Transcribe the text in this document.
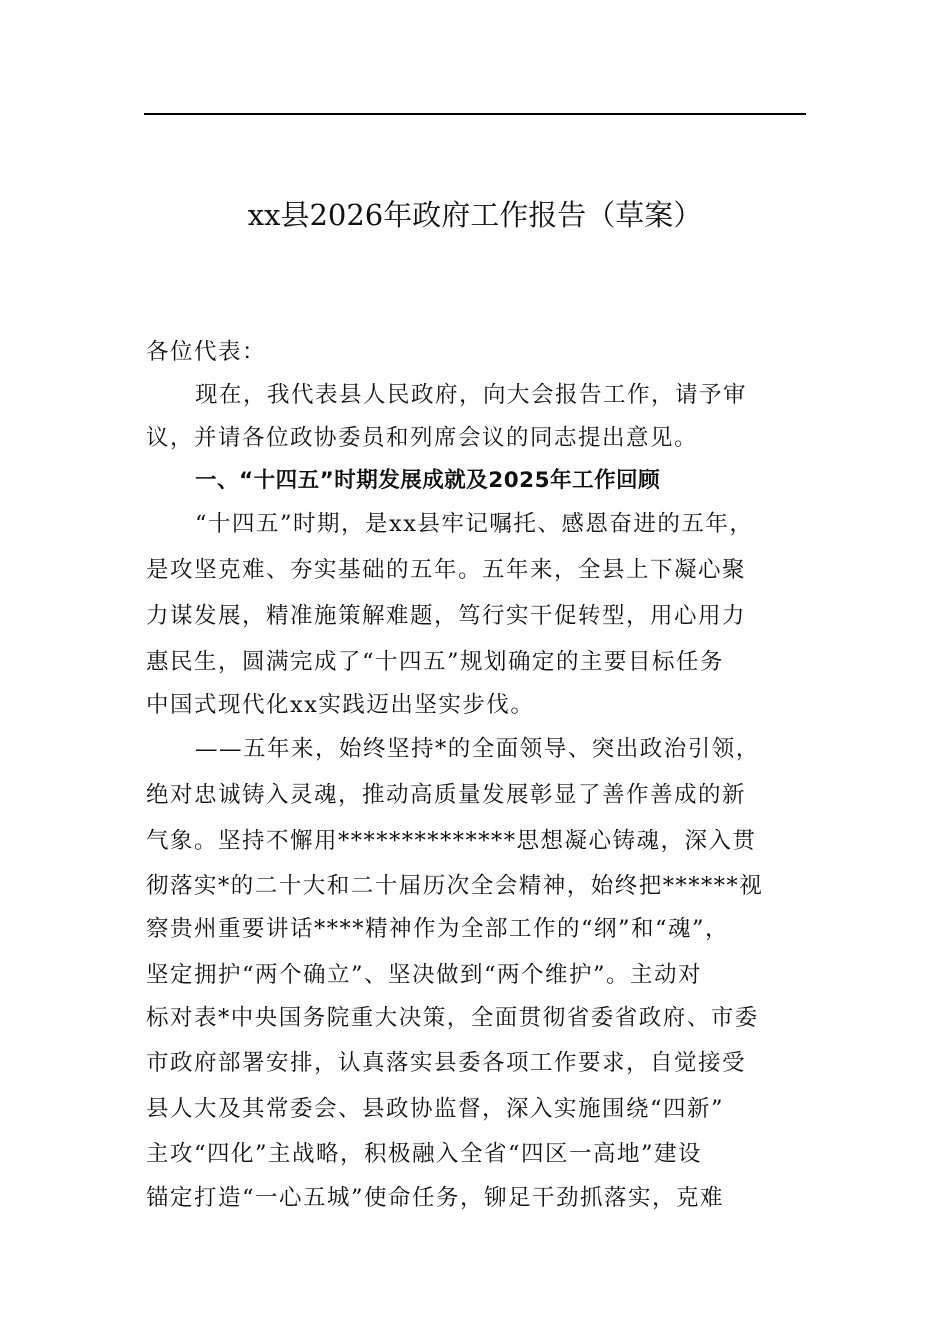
xx县2026年政府工作报告（草案）
各位代表：
现在，我代表县人民政府，向大会报告工作，请予审
议，并请各位政协委员和列席会议的同志提出意见。
一、“十四五”时期发展成就及2025年工作回顾
“十四五”时期，是xx县牢记嘱托、感恩奋进的五年，
是攻坚克难、夯实基础的五年。五年来，全县上下凝心聚
力谋发展，精准施策解难题，笃行实干促转型，用心用力
惠民生，圆满完成了“十四五”规划确定的主要目标任务
中国式现代化xx实践迈出坚实步伐。
——五年来，始终坚持*的全面领导、突出政治引领，
绝对忠诚铸入灵魂，推动高质量发展彰显了善作善成的新
气象。坚持不懈用**************思想凝心铸魂，深入贯
彻落实*的二十大和二十届历次全会精神，始终把******视
察贵州重要讲话****精神作为全部工作的“纲”和“魂”，
坚定拥护“两个确立”、坚决做到“两个维护”。主动对
标对表*中央国务院重大决策，全面贯彻省委省政府、市委
市政府部署安排，认真落实县委各项工作要求，自觉接受
县人大及其常委会、县政协监督，深入实施围绕“四新”
主攻“四化”主战略，积极融入全省“四区一高地”建设
锚定打造“一心五城”使命任务，铆足干劲抓落实，克难
